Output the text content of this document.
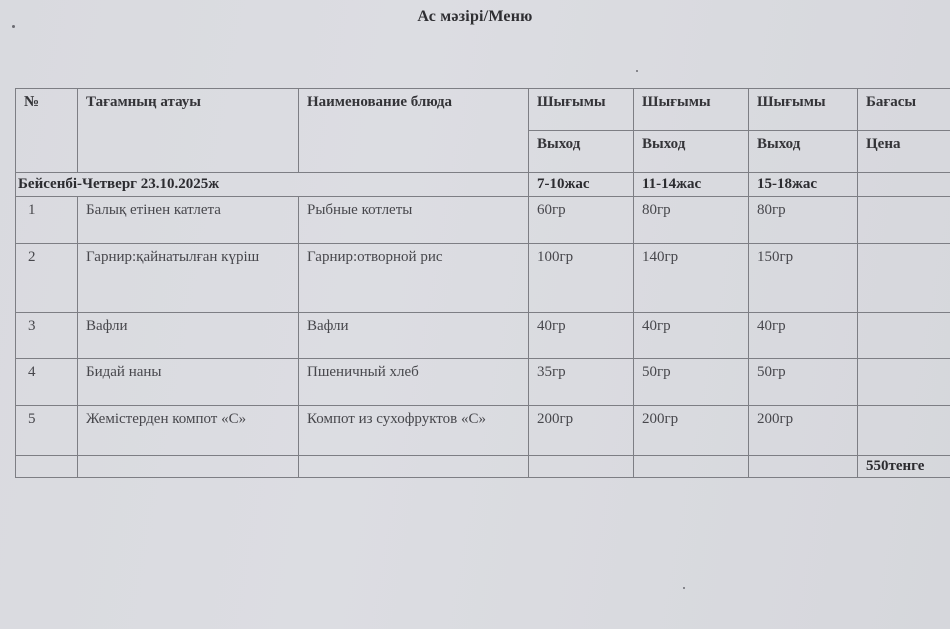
Ас мәзірі/Меню
№	Тағамның атауы	Наименование блюда	Шығымы	Шығымы	Шығымы	Бағасы
			Выход	Выход	Выход	Цена
Бейсенбі-Четверг 23.10.2025ж			7-10жас	11-14жас	15-18жас	
1	Балық етінен катлета	Рыбные котлеты	60гр	80гр	80гр	
2	Гарнир:қайнатылған күріш	Гарнир:отворной рис	100гр	140гр	150гр	
3	Вафли	Вафли	40гр	40гр	40гр	
4	Бидай наны	Пшеничный хлеб	35гр	50гр	50гр	
5	Жемістерден компот «С»	Компот из сухофруктов «С»	200гр	200гр	200гр	
						550тенге
